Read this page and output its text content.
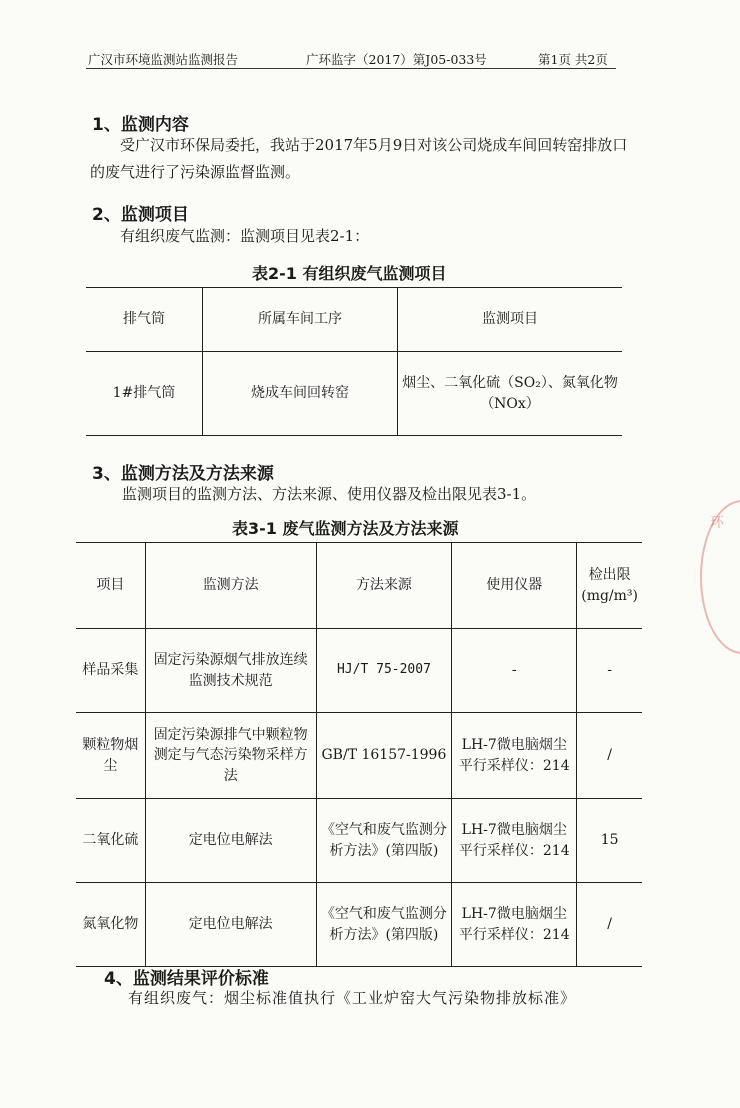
广汉市环境监测站监测报告	广环监字（2017）第J05-033号	第1页 共2页
1、监测内容
受广汉市环保局委托，我站于2017年5月9日对该公司烧成车间回转窑排放口的废气进行了污染源监督监测。
2、监测项目
有组织废气监测：监测项目见表2-1：
表2-1 有组织废气监测项目
排气筒	所属车间工序	监测项目
1#排气筒	烧成车间回转窑	烟尘、二氧化硫（SO₂）、氮氧化物（NOx）
3、监测方法及方法来源
监测项目的监测方法、方法来源、使用仪器及检出限见表3-1。
表3-1 废气监测方法及方法来源
项目	监测方法	方法来源	使用仪器	检出限 (mg/m³)
样品采集	固定污染源烟气排放连续监测技术规范	HJ/T 75-2007	-	-
颗粒物烟尘	固定污染源排气中颗粒物测定与气态污染物采样方法	GB/T 16157-1996	LH-7微电脑烟尘平行采样仪：214	/
二氧化硫	定电位电解法	《空气和废气监测分析方法》(第四版)	LH-7微电脑烟尘平行采样仪：214	15
氮氧化物	定电位电解法	《空气和废气监测分析方法》(第四版)	LH-7微电脑烟尘平行采样仪：214	/
4、监测结果评价标准
有组织废气：烟尘标准值执行《工业炉窑大气污染物排放标准》
环
